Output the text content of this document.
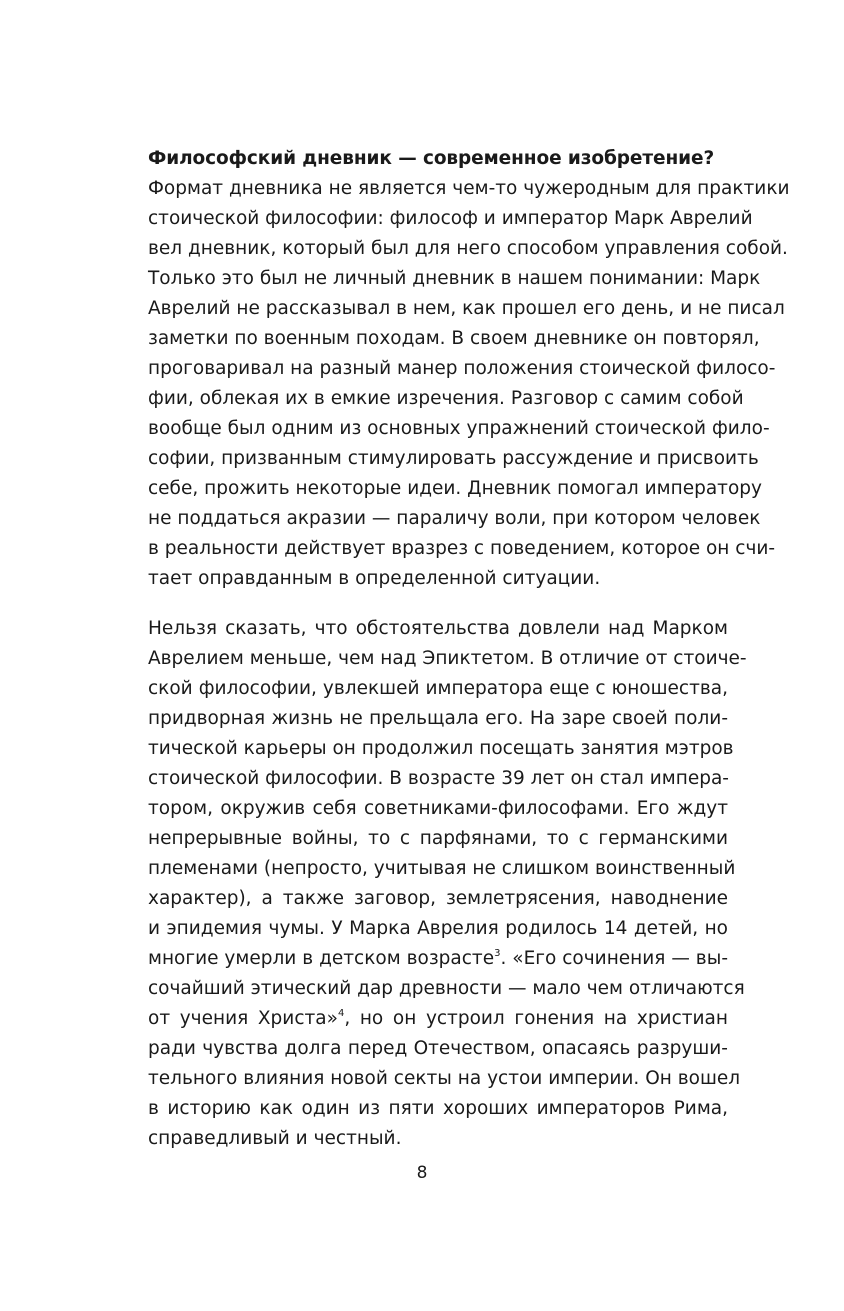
Философский дневник — современное изобретение?
Формат дневника не является чем-то чужеродным для практики
стоической философии: философ и император Марк Аврелий
вел дневник, который был для него способом управления собой.
Только это был не личный дневник в нашем понимании: Марк
Аврелий не рассказывал в нем, как прошел его день, и не писал
заметки по военным походам. В своем дневнике он повторял,
проговаривал на разный манер положения стоической филосо-
фии, облекая их в емкие изречения. Разговор с самим собой
вообще был одним из основных упражнений стоической фило-
софии, призванным стимулировать рассуждение и присвоить
себе, прожить некоторые идеи. Дневник помогал императору
не поддаться акразии — параличу воли, при котором человек
в реальности действует вразрез с поведением, которое он счи-
тает оправданным в определенной ситуации.
Нельзя сказать, что обстоятельства довлели над Марком
Аврелием меньше, чем над Эпиктетом. В отличие от стоиче-
ской философии, увлекшей императора еще с юношества,
придворная жизнь не прельщала его. На заре своей поли-
тической карьеры он продолжил посещать занятия мэтров
стоической философии. В возрасте 39 лет он стал импера-
тором, окружив себя советниками-философами. Его ждут
непрерывные войны, то с парфянами, то с германскими
племенами (непросто, учитывая не слишком воинственный
характер), а также заговор, землетрясения, наводнение
и эпидемия чумы. У Марка Аврелия родилось 14 детей, но
многие умерли в детском возрасте$^3$. «Его сочинения — вы-
сочайший этический дар древности — мало чем отличаются
от учения Христа»$^4$, но он устроил гонения на христиан
ради чувства долга перед Отечеством, опасаясь разруши-
тельного влияния новой секты на устои империи. Он вошел
в историю как один из пяти хороших императоров Рима,
справедливый и честный.
8
